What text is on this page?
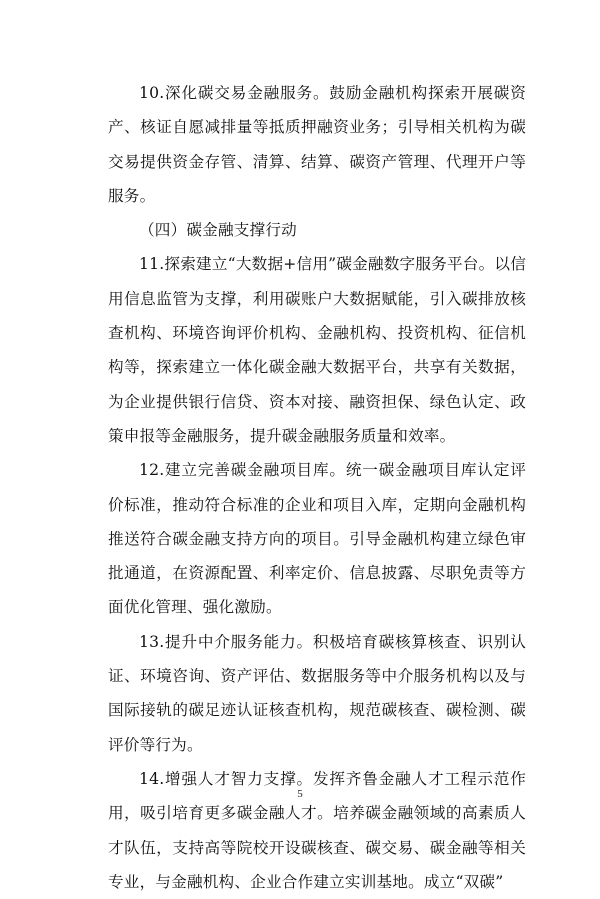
10.深化碳交易金融服务。鼓励金融机构探索开展碳资产、核证自愿减排量等抵质押融资业务；引导相关机构为碳交易提供资金存管、清算、结算、碳资产管理、代理开户等服务。

（四）碳金融支撑行动

11.探索建立“大数据+信用”碳金融数字服务平台。以信用信息监管为支撑，利用碳账户大数据赋能，引入碳排放核查机构、环境咨询评价机构、金融机构、投资机构、征信机构等，探索建立一体化碳金融大数据平台，共享有关数据，为企业提供银行信贷、资本对接、融资担保、绿色认定、政策申报等金融服务，提升碳金融服务质量和效率。

12.建立完善碳金融项目库。统一碳金融项目库认定评价标准，推动符合标准的企业和项目入库，定期向金融机构推送符合碳金融支持方向的项目。引导金融机构建立绿色审批通道，在资源配置、利率定价、信息披露、尽职免责等方面优化管理、强化激励。

13.提升中介服务能力。积极培育碳核算核查、识别认证、环境咨询、资产评估、数据服务等中介服务机构以及与国际接轨的碳足迹认证核查机构，规范碳核查、碳检测、碳评价等行为。

14.增强人才智力支撑。发挥齐鲁金融人才工程示范作用，吸引培育更多碳金融人才。培养碳金融领域的高素质人才队伍，支持高等院校开设碳核查、碳交易、碳金融等相关专业，与金融机构、企业合作建立实训基地。成立“双碳”

5
